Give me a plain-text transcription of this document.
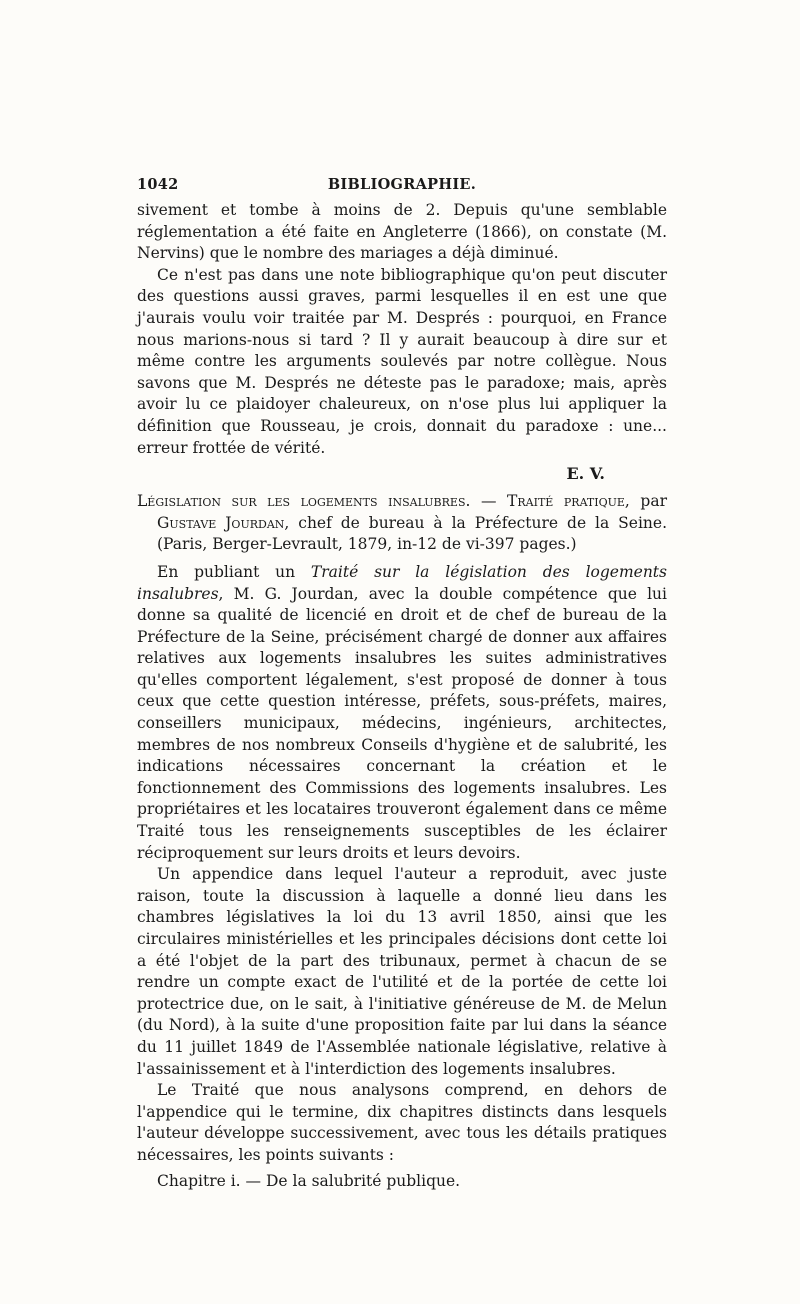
1042	BIBLIOGRAPHIE.

sivement et tombe à moins de 2. Depuis qu'une semblable réglementation a été faite en Angleterre (1866), on constate (M. Nervins) que le nombre des mariages a déjà diminué.

Ce n'est pas dans une note bibliographique qu'on peut discuter des questions aussi graves, parmi lesquelles il en est une que j'aurais voulu voir traitée par M. Després : pourquoi, en France nous marions-nous si tard ? Il y aurait beaucoup à dire sur et même contre les arguments soulevés par notre collègue. Nous savons que M. Després ne déteste pas le paradoxe; mais, après avoir lu ce plaidoyer chaleureux, on n'ose plus lui appliquer la définition que Rousseau, je crois, donnait du paradoxe : une... erreur frottée de vérité.

E. V.

Législation sur les logements insalubres. — Traité pratique, par Gustave Jourdan, chef de bureau à la Préfecture de la Seine. (Paris, Berger-Levrault, 1879, in-12 de vi-397 pages.)

En publiant un Traité sur la législation des logements insalubres, M. G. Jourdan, avec la double compétence que lui donne sa qualité de licencié en droit et de chef de bureau de la Préfecture de la Seine, précisément chargé de donner aux affaires relatives aux logements insalubres les suites administratives qu'elles comportent légalement, s'est proposé de donner à tous ceux que cette question intéresse, préfets, sous-préfets, maires, conseillers municipaux, médecins, ingénieurs, architectes, membres de nos nombreux Conseils d'hygiène et de salubrité, les indications nécessaires concernant la création et le fonctionnement des Commissions des logements insalubres. Les propriétaires et les locataires trouveront également dans ce même Traité tous les renseignements susceptibles de les éclairer réciproquement sur leurs droits et leurs devoirs.

Un appendice dans lequel l'auteur a reproduit, avec juste raison, toute la discussion à laquelle a donné lieu dans les chambres législatives la loi du 13 avril 1850, ainsi que les circulaires ministérielles et les principales décisions dont cette loi a été l'objet de la part des tribunaux, permet à chacun de se rendre un compte exact de l'utilité et de la portée de cette loi protectrice due, on le sait, à l'initiative généreuse de M. de Melun (du Nord), à la suite d'une proposition faite par lui dans la séance du 11 juillet 1849 de l'Assemblée nationale législative, relative à l'assainissement et à l'interdiction des logements insalubres.

Le Traité que nous analysons comprend, en dehors de l'appendice qui le termine, dix chapitres distincts dans lesquels l'auteur développe successivement, avec tous les détails pratiques nécessaires, les points suivants :

Chapitre i. — De la salubrité publique.
